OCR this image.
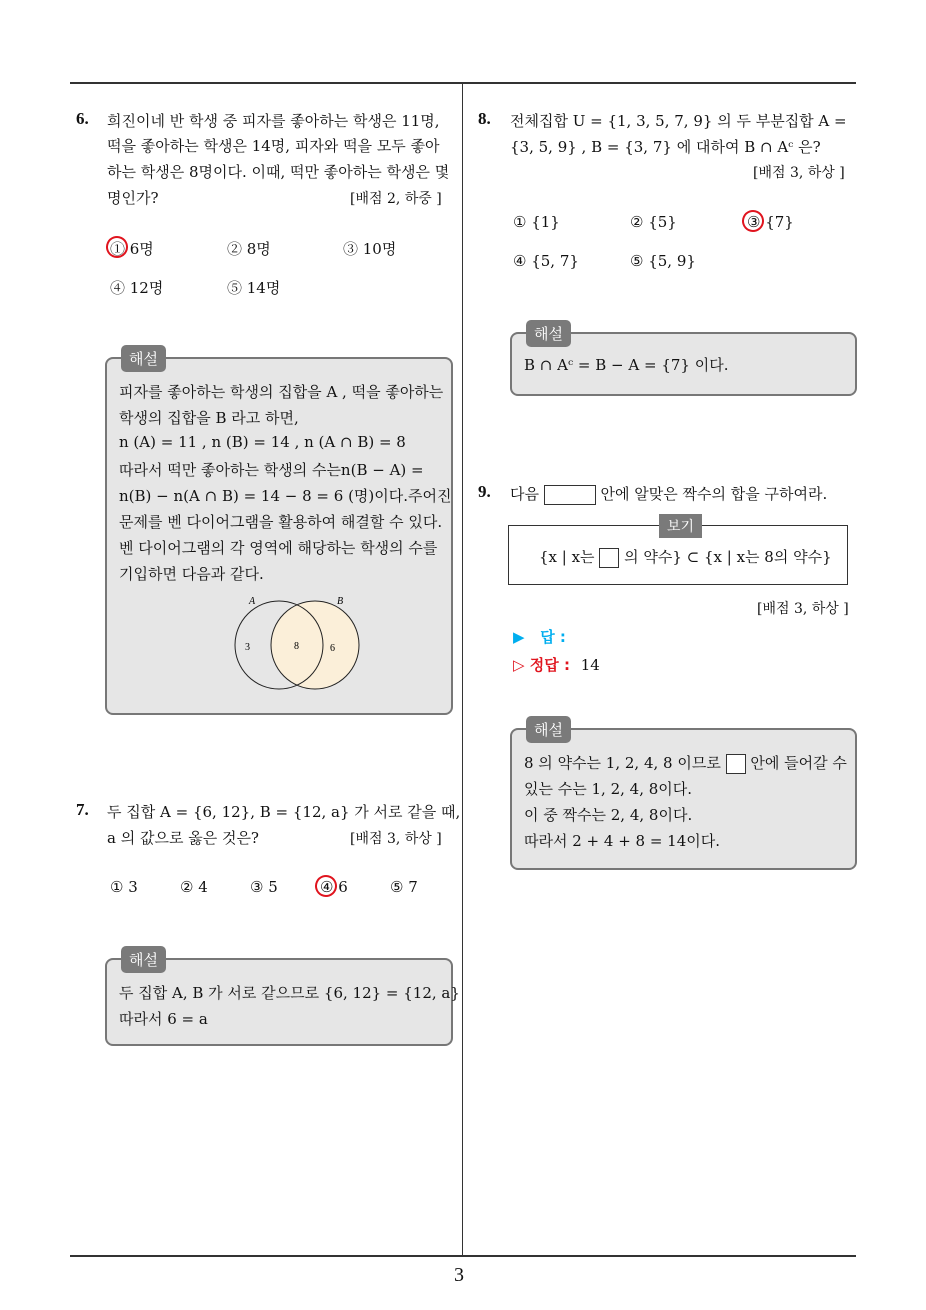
3
6. 희진이네 반 학생 중 피자를 좋아하는 학생은 11명,
떡을 좋아하는 학생은 14명, 피자와 떡을 모두 좋아
하는 학생은 8명이다. 이때, 떡만 좋아하는 학생은 몇
명인가?	[배점 2, 하중 ]
① 6명	② 8명	③ 10명
④ 12명	⑤ 14명
해설
피자를 좋아하는 학생의 집합을 A , 떡을 좋아하는
학생의 집합을 B 라고 하면,
n (A) = 11 , n (B) = 14 , n (A ∩ B) = 8
따라서 떡만 좋아하는 학생의 수는n(B − A) =
n(B) − n(A ∩ B) = 14 − 8 = 6 (명)이다.주어진
문제를 벤 다이어그램을 활용하여 해결할 수 있다.
벤 다이어그램의 각 영역에 해당하는 학생의 수를
기입하면 다음과 같다.
A	B
3	8	6
7. 두 집합 A = {6, 12}, B = {12, a} 가 서로 같을 때,
a 의 값으로 옳은 것은?	[배점 3, 하상 ]
① 3	② 4	③ 5	④ 6	⑤ 7
해설
두 집합 A, B 가 서로 같으므로 {6, 12} = {12, a}
따라서 6 = a
8. 전체집합 U = {1, 3, 5, 7, 9} 의 두 부분집합 A =
{3, 5, 9} , B = {3, 7} 에 대하여 B ∩ Aᶜ 은?
[배점 3, 하상 ]
① {1}	② {5}	③ {7}
④ {5, 7}	⑤ {5, 9}
해설
B ∩ Aᶜ = B − A = {7} 이다.
9. 다음	안에 알맞은 짝수의 합을 구하여라.
보기
{x | x는 의 약수} ⊂ {x | x는 8의 약수}
[배점 3, 하상 ]
▶   답 :
▷ 정답 : 14
해설
8 의 약수는 1, 2, 4, 8 이므로 안에 들어갈 수
있는 수는 1, 2, 4, 8이다.
이 중 짝수는 2, 4, 8이다.
따라서 2 + 4 + 8 = 14이다.
